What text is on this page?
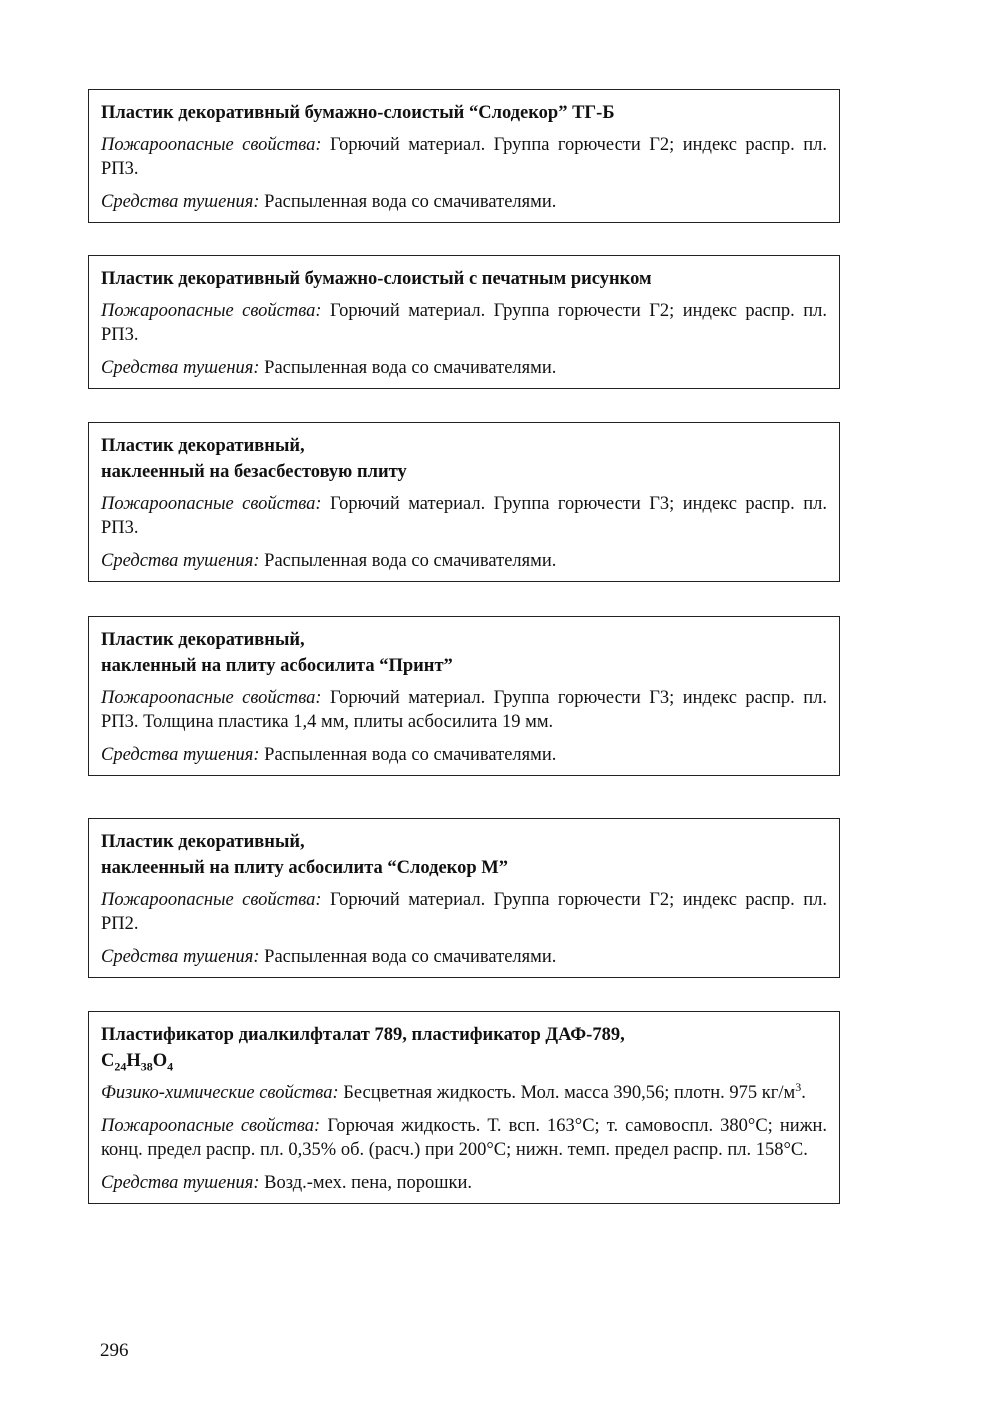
Пластик декоративный бумажно-слоистый “Слодекор” ТГ-Б
Пожароопасные свойства: Горючий материал. Группа горючести Г2; индекс распр. пл. РП3.
Средства тушения: Распыленная вода со смачивателями.
Пластик декоративный бумажно-слоистый с печатным рисунком
Пожароопасные свойства: Горючий материал. Группа горючести Г2; индекс распр. пл. РП3.
Средства тушения: Распыленная вода со смачивателями.
Пластик декоративный,
наклеенный на безасбестовую плиту
Пожароопасные свойства: Горючий материал. Группа горючести Г3; индекс распр. пл. РП3.
Средства тушения: Распыленная вода со смачивателями.
Пластик декоративный,
накленный на плиту асбосилита “Принт”
Пожароопасные свойства: Горючий материал. Группа горючести Г3; индекс распр. пл. РП3. Толщина пластика 1,4 мм, плиты асбосилита 19 мм.
Средства тушения: Распыленная вода со смачивателями.
Пластик декоративный,
наклеенный на плиту асбосилита “Слодекор М”
Пожароопасные свойства: Горючий материал. Группа горючести Г2; индекс распр. пл. РП2.
Средства тушения: Распыленная вода со смачивателями.
Пластификатор диалкилфталат 789, пластификатор ДАФ-789,
$C_{24}H_{38}O_4$
Физико-химические свойства: Бесцветная жидкость. Мол. масса 390,56; плотн. 975 $кг/м^3$.
Пожароопасные свойства: Горючая жидкость. Т. всп. 163°С; т. самовоспл. 380°С; нижн. конц. предел распр. пл. 0,35% об. (расч.) при 200°С; нижн. темп. предел распр. пл. 158°С.
Средства тушения: Возд.-мех. пена, порошки.
296
